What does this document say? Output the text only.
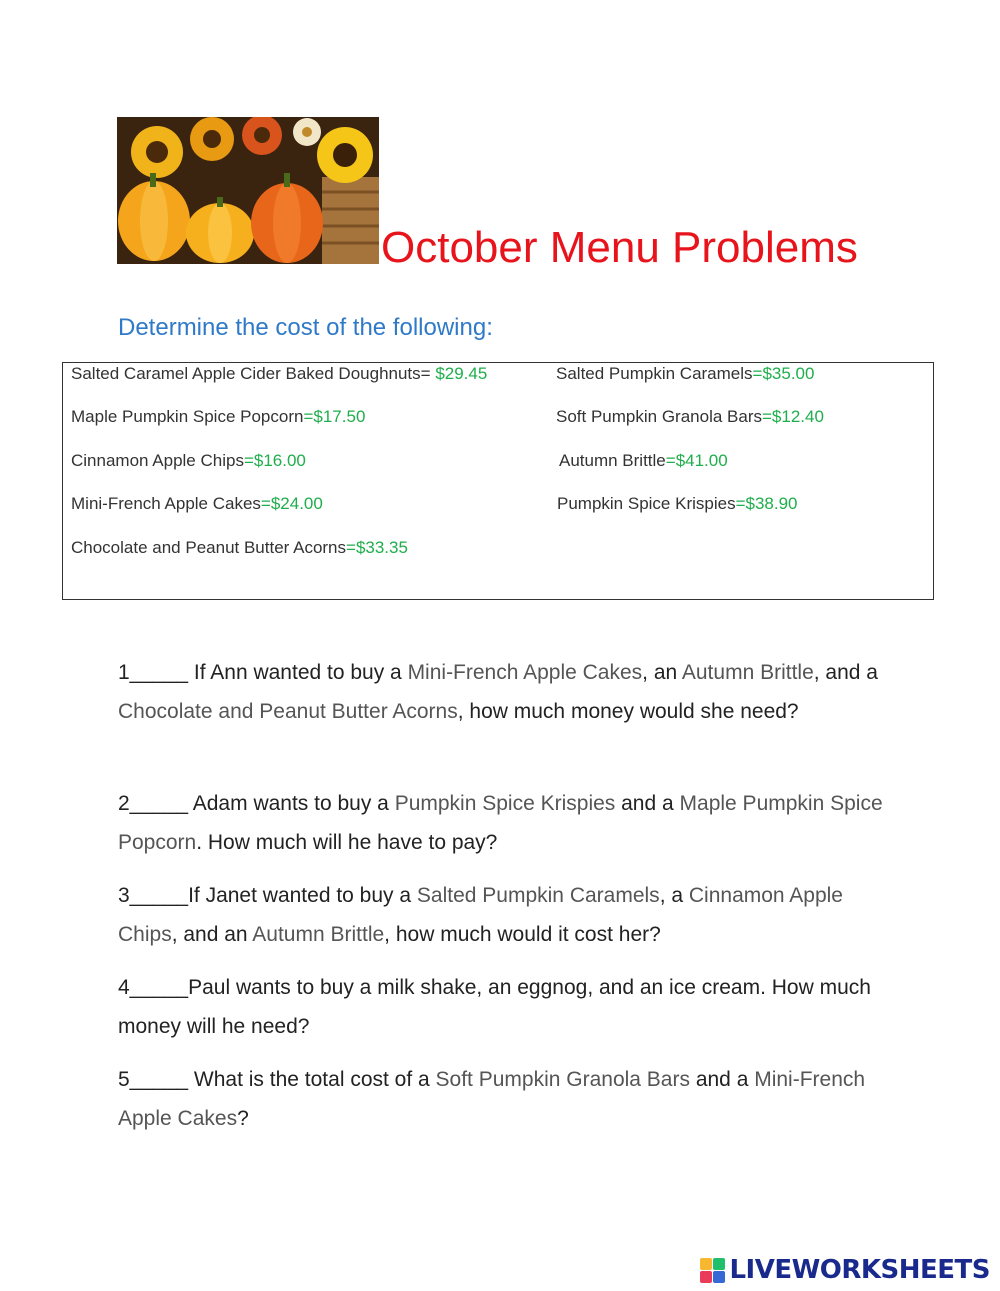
October Menu Problems
Determine the cost of the following:
Salted Caramel Apple Cider Baked Doughnuts= $29.45
Maple Pumpkin Spice Popcorn=$17.50
Cinnamon Apple Chips=$16.00
Mini-French Apple Cakes=$24.00
Chocolate and Peanut Butter Acorns=$33.35
Salted Pumpkin Caramels=$35.00
Soft Pumpkin Granola Bars=$12.40
Autumn Brittle=$41.00
Pumpkin Spice Krispies=$38.90
1_____ If Ann wanted to buy a Mini-French Apple Cakes, an Autumn Brittle, and a Chocolate and Peanut Butter Acorns, how much money would she need?
2_____ Adam wants to buy a Pumpkin Spice Krispies and a Maple Pumpkin Spice Popcorn. How much will he have to pay?
3_____If Janet wanted to buy a Salted Pumpkin Caramels, a Cinnamon Apple Chips, and an Autumn Brittle, how much would it cost her?
4_____Paul wants to buy a milk shake, an eggnog, and an ice cream. How much money will he need?
5_____ What is the total cost of a Soft Pumpkin Granola Bars and a Mini-French Apple Cakes?
LIVEWORKSHEETS
